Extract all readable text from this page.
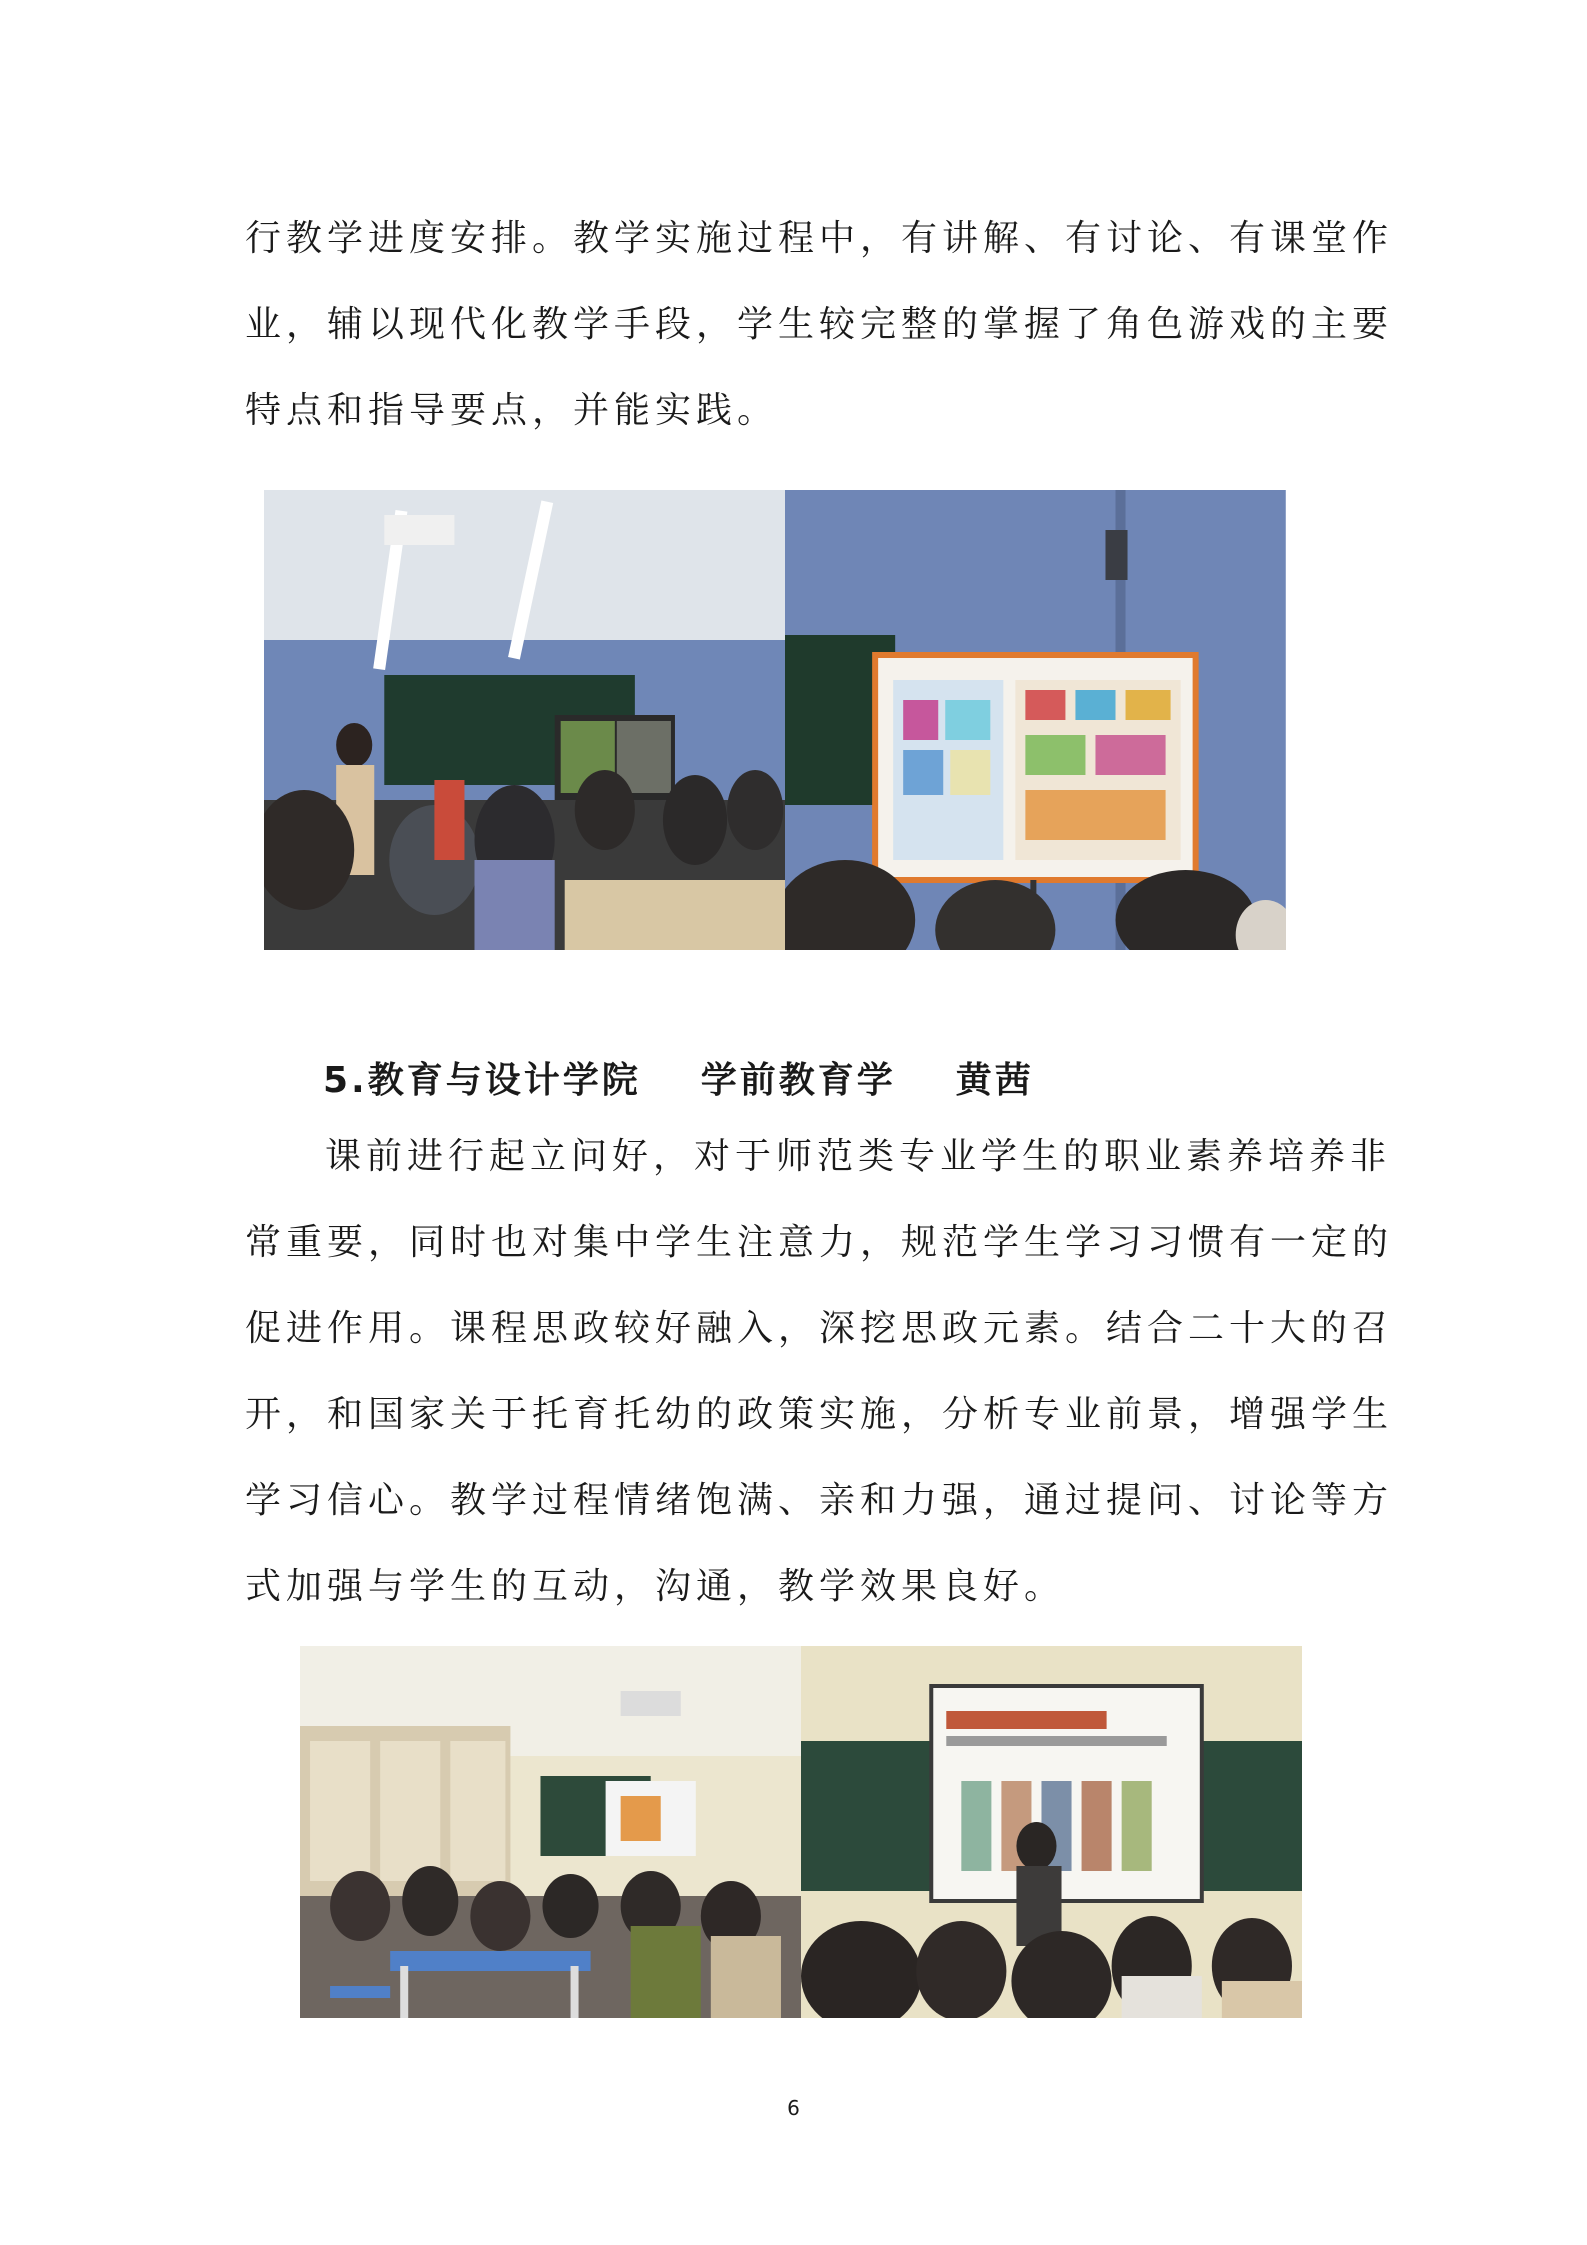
行教学进度安排。教学实施过程中，有讲解、有讨论、有课堂作
业，辅以现代化教学手段，学生较完整的掌握了角色游戏的主要
特点和指导要点，并能实践。
5.教育与设计学院 学前教育学 黄茜
课前进行起立问好，对于师范类专业学生的职业素养培养非
常重要，同时也对集中学生注意力，规范学生学习习惯有一定的
促进作用。课程思政较好融入，深挖思政元素。结合二十大的召
开，和国家关于托育托幼的政策实施，分析专业前景，增强学生
学习信心。教学过程情绪饱满、亲和力强，通过提问、讨论等方
式加强与学生的互动，沟通，教学效果良好。
6
